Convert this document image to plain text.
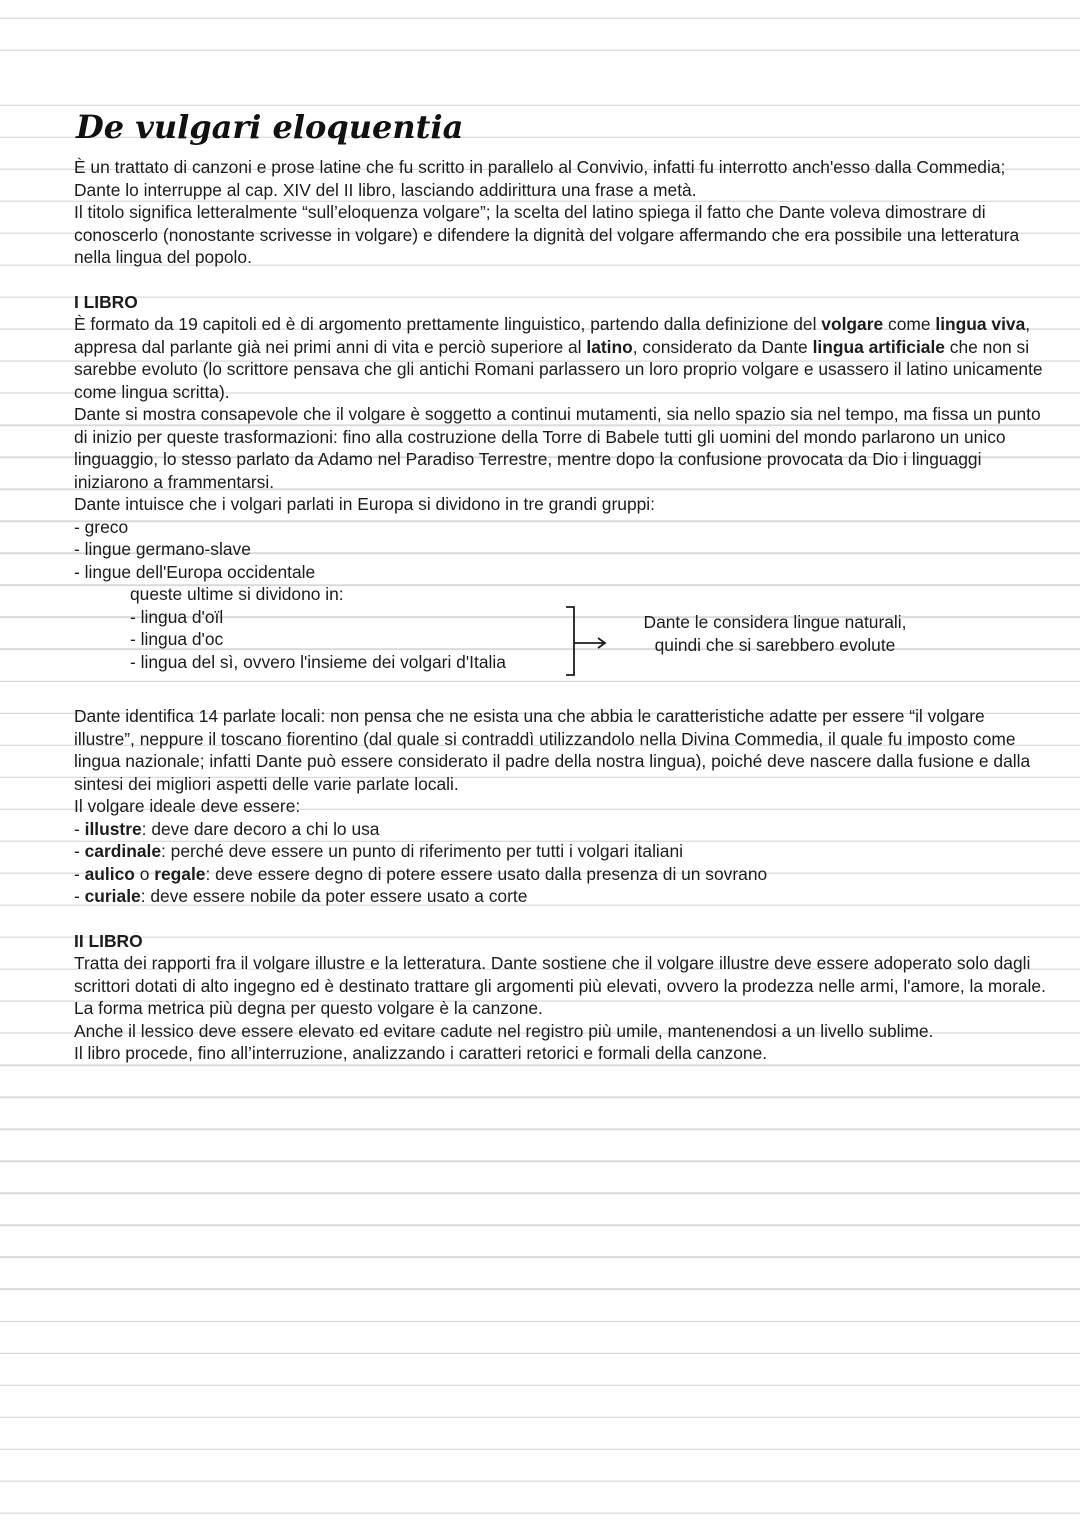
De vulgari eloquentia

È un trattato di canzoni e prose latine che fu scritto in parallelo al Convivio, infatti fu interrotto anch'esso dalla Commedia; Dante lo interruppe al cap. XIV del II libro, lasciando addirittura una frase a metà.

Il titolo significa letteralmente “sull’eloquenza volgare”; la scelta del latino spiega il fatto che Dante voleva dimostrare di conoscerlo (nonostante scrivesse in volgare) e difendere la dignità del volgare affermando che era possibile una letteratura nella lingua del popolo.

I LIBRO

È formato da 19 capitoli ed è di argomento prettamente linguistico, partendo dalla definizione del volgare come lingua viva, appresa dal parlante già nei primi anni di vita e perciò superiore al latino, considerato da Dante lingua artificiale che non si sarebbe evoluto (lo scrittore pensava che gli antichi Romani parlassero un loro proprio volgare e usassero il latino unicamente come lingua scritta).

Dante si mostra consapevole che il volgare è soggetto a continui mutamenti, sia nello spazio sia nel tempo, ma fissa un punto di inizio per queste trasformazioni: fino alla costruzione della Torre di Babele tutti gli uomini del mondo parlarono un unico linguaggio, lo stesso parlato da Adamo nel Paradiso Terrestre, mentre dopo la confusione provocata da Dio i linguaggi iniziarono a frammentarsi.

Dante intuisce che i volgari parlati in Europa si dividono in tre grandi gruppi:

- greco
- lingue germano-slave
- lingue dell'Europa occidentale

queste ultime si dividono in:

- lingua d'oïl
- lingua d'oc
- lingua del sì, ovvero l'insieme dei volgari d'Italia
Dante le considera lingue naturali,
quindi che si sarebbero evolute

Dante identifica 14 parlate locali: non pensa che ne esista una che abbia le caratteristiche adatte per essere “il volgare illustre”, neppure il toscano fiorentino (dal quale si contraddì utilizzandolo nella Divina Commedia, il quale fu imposto come lingua nazionale; infatti Dante può essere considerato il padre della nostra lingua), poiché deve nascere dalla fusione e dalla sintesi dei migliori aspetti delle varie parlate locali.

Il volgare ideale deve essere:

- illustre: deve dare decoro a chi lo usa
- cardinale: perché deve essere un punto di riferimento per tutti i volgari italiani
- aulico o regale: deve essere degno di potere essere usato dalla presenza di un sovrano
- curiale: deve essere nobile da poter essere usato a corte
II LIBRO

Tratta dei rapporti fra il volgare illustre e la letteratura. Dante sostiene che il volgare illustre deve essere adoperato solo dagli scrittori dotati di alto ingegno ed è destinato trattare gli argomenti più elevati, ovvero la prodezza nelle armi, l'amore, la morale.

La forma metrica più degna per questo volgare è la canzone.

Anche il lessico deve essere elevato ed evitare cadute nel registro più umile, mantenendosi a un livello sublime.

Il libro procede, fino all’interruzione, analizzando i caratteri retorici e formali della canzone.
